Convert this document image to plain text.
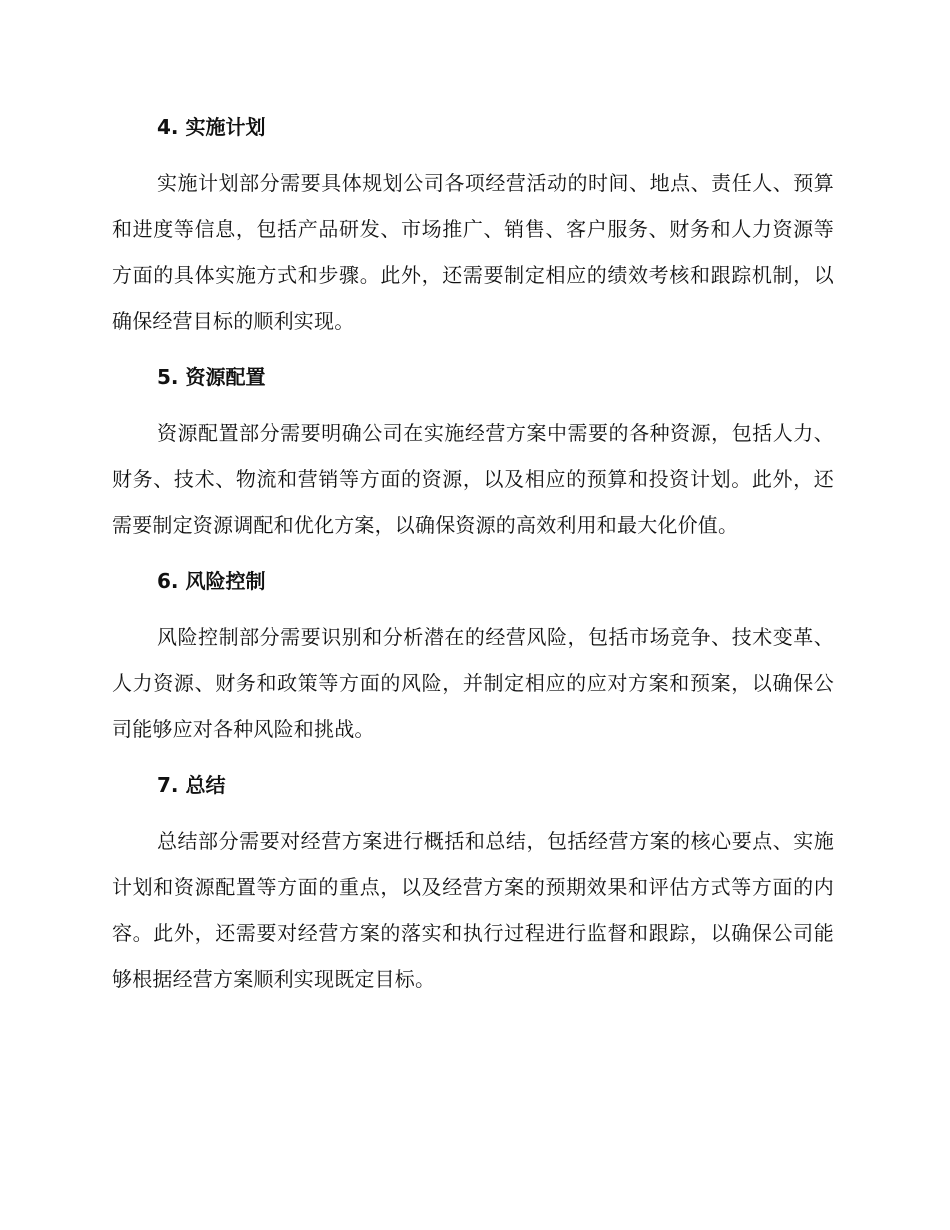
4. 实施计划

实施计划部分需要具体规划公司各项经营活动的时间、地点、责任人、预算和进度等信息，包括产品研发、市场推广、销售、客户服务、财务和人力资源等方面的具体实施方式和步骤。此外，还需要制定相应的绩效考核和跟踪机制，以确保经营目标的顺利实现。

5. 资源配置

资源配置部分需要明确公司在实施经营方案中需要的各种资源，包括人力、财务、技术、物流和营销等方面的资源，以及相应的预算和投资计划。此外，还需要制定资源调配和优化方案，以确保资源的高效利用和最大化价值。

6. 风险控制

风险控制部分需要识别和分析潜在的经营风险，包括市场竞争、技术变革、人力资源、财务和政策等方面的风险，并制定相应的应对方案和预案，以确保公司能够应对各种风险和挑战。

7. 总结

总结部分需要对经营方案进行概括和总结，包括经营方案的核心要点、实施计划和资源配置等方面的重点，以及经营方案的预期效果和评估方式等方面的内容。此外，还需要对经营方案的落实和执行过程进行监督和跟踪，以确保公司能够根据经营方案顺利实现既定目标。
